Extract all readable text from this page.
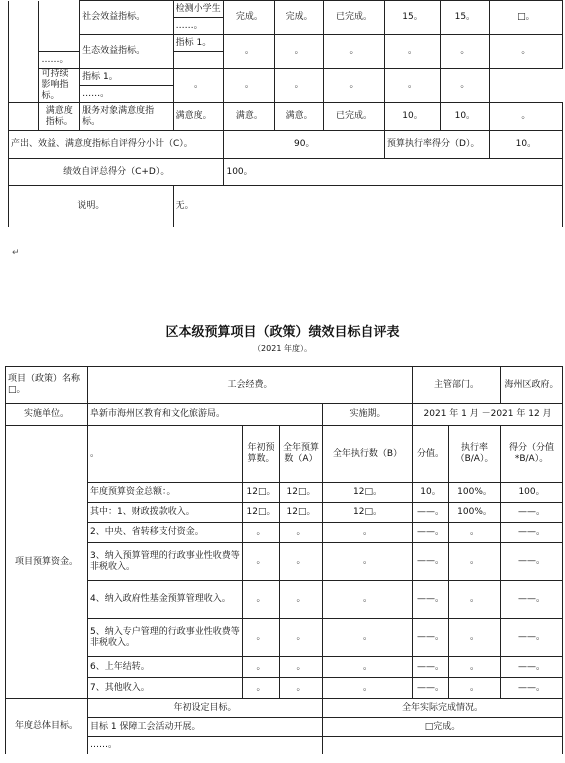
		社会效益指标。	检测小学生	完成。	完成。	已完成。	15。	15。	□。
			……。						
		生态效益指标。	指标 1。	。	。	。	。	。	。
	……。								
	可持续影响指标。	指标 1。	。	。	。	。	。	。	
		……。							
	满意度指标。	服务对象满意度指标。	满意度。	满意。	满意。	已完成。	10。	10。	。
产出、效益、满意度指标自评得分小计（C）。				90。			预算执行率得分（D）。		10。
绩效自评总得分（C+D）。				100。					
说明。			无。						
↵
区本级预算项目（政策）绩效目标自评表
（2021 年度）。
项目（政策）名称□。	工会经费。				主管部门。		海州区政府。
实施单位。	阜新市海州区教育和文化旅游局。			实施期。	2021 年 1 月 －2021 年 12 月		
项目预算资金。	。	年初预算数。	全年预算数（A）	全年执行数（B）	分值。	执行率（B/A）。	得分（分值*B/A）。
	年度预算资金总额：。	12□。	12□。	12□。	10。	100%。	100。
	其中：1、财政拨款收入。	12□。	12□。	12□。	——。	100%。	——。
	2、中央、省转移支付资金。	。	。	。	——。	。	——。
	3、纳入预算管理的行政事业性收费等非税收入。	。	。	。	——。	。	——。
	4、纳入政府性基金预算管理收入。	。	。	。	——。	。	——。
	5、纳入专户管理的行政事业性收费等非税收入。	。	。	。	——。	。	——。
	6、上年结转。	。	。	。	——。	。	——。
	7、其他收入。	。	。	。	——。	。	——。
年度总体目标。	年初设定目标。			全年实际完成情况。			
	目标 1 保障工会活动开展。			□完成。			
	……。						
